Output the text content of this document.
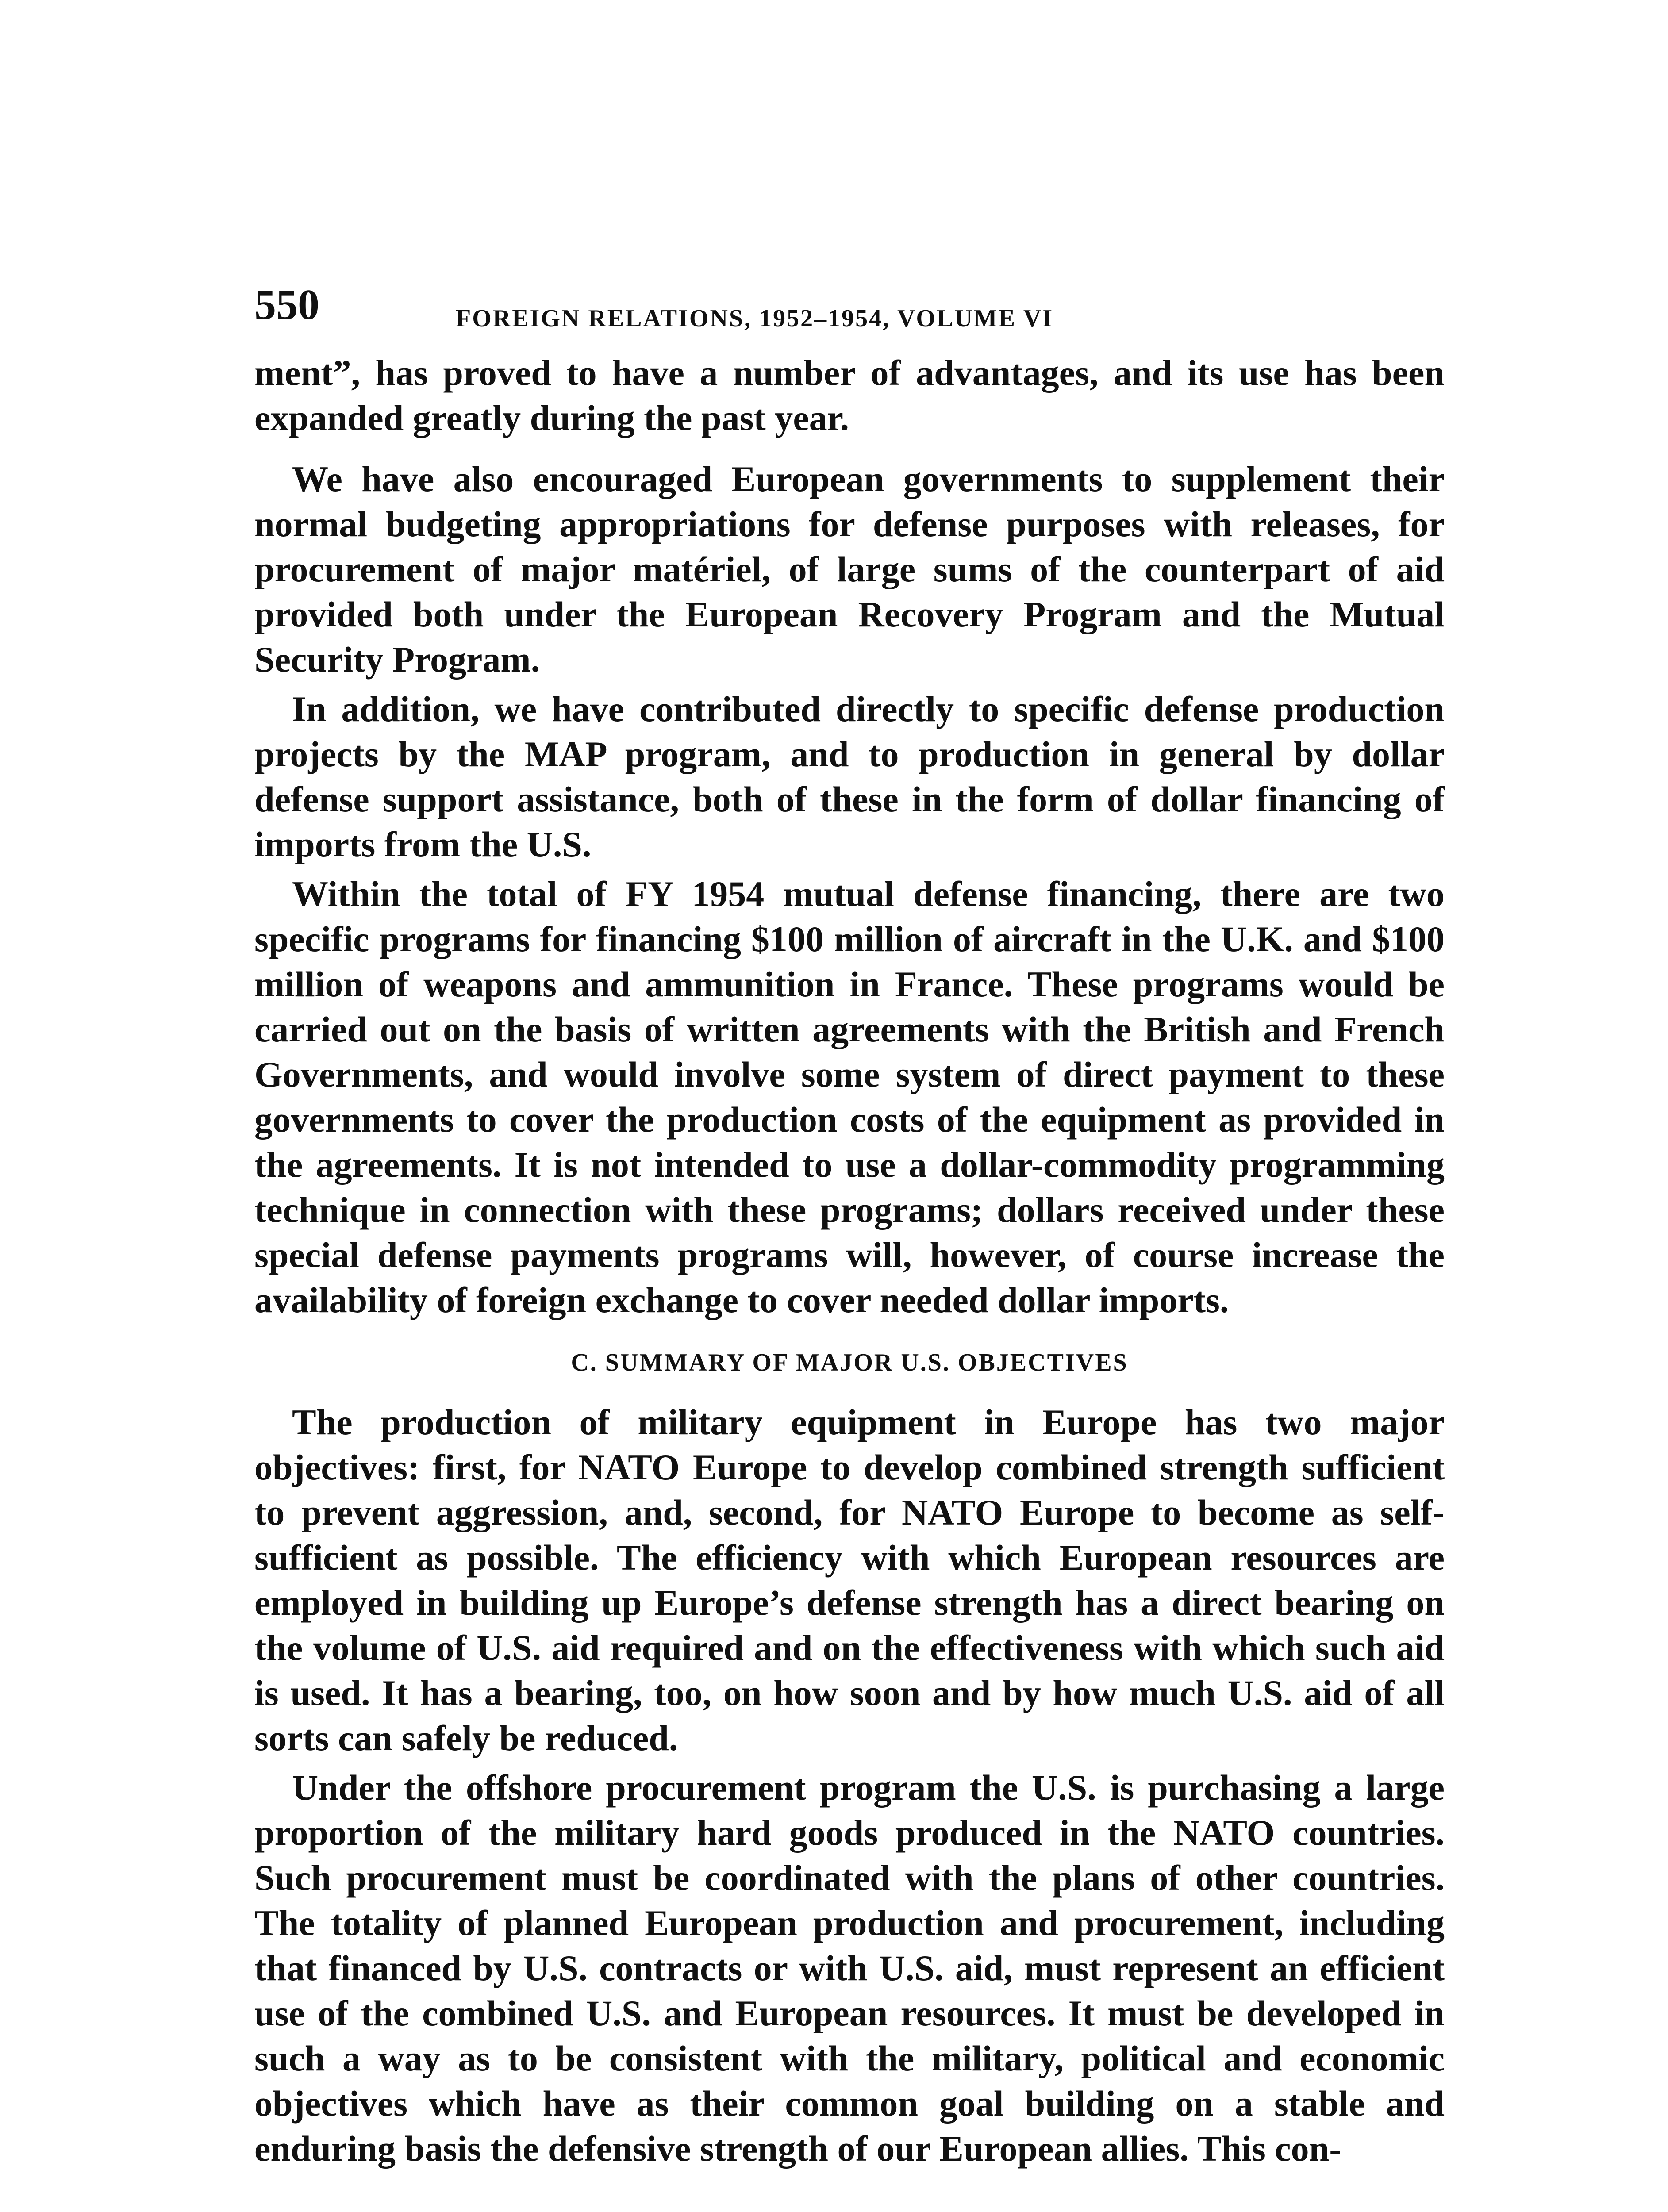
550	FOREIGN RELATIONS, 1952–1954, VOLUME VI

ment”, has proved to have a number of advantages, and its use has been expanded greatly during the past year.

We have also encouraged European governments to supplement their normal budgeting appropriations for defense purposes with releases, for procurement of major matériel, of large sums of the counterpart of aid provided both under the European Recovery Program and the Mutual Security Program.

In addition, we have contributed directly to specific defense production projects by the MAP program, and to production in general by dollar defense support assistance, both of these in the form of dollar financing of imports from the U.S.

Within the total of FY 1954 mutual defense financing, there are two specific programs for financing $100 million of aircraft in the U.K. and $100 million of weapons and ammunition in France. These programs would be carried out on the basis of written agreements with the British and French Governments, and would involve some system of direct payment to these governments to cover the production costs of the equipment as provided in the agreements. It is not intended to use a dollar-commodity programming technique in connection with these programs; dollars received under these special defense payments programs will, however, of course increase the availability of foreign exchange to cover needed dollar imports.

C. SUMMARY OF MAJOR U.S. OBJECTIVES

The production of military equipment in Europe has two major objectives: first, for NATO Europe to develop combined strength sufficient to prevent aggression, and, second, for NATO Europe to become as self-sufficient as possible. The efficiency with which European resources are employed in building up Europe’s defense strength has a direct bearing on the volume of U.S. aid required and on the effectiveness with which such aid is used. It has a bearing, too, on how soon and by how much U.S. aid of all sorts can safely be reduced.

Under the offshore procurement program the U.S. is purchasing a large proportion of the military hard goods produced in the NATO countries. Such procurement must be coordinated with the plans of other countries. The totality of planned European production and procurement, including that financed by U.S. contracts or with U.S. aid, must represent an efficient use of the combined U.S. and European resources. It must be developed in such a way as to be consistent with the military, political and economic objectives which have as their common goal building on a stable and enduring basis the defensive strength of our European allies. This con-
